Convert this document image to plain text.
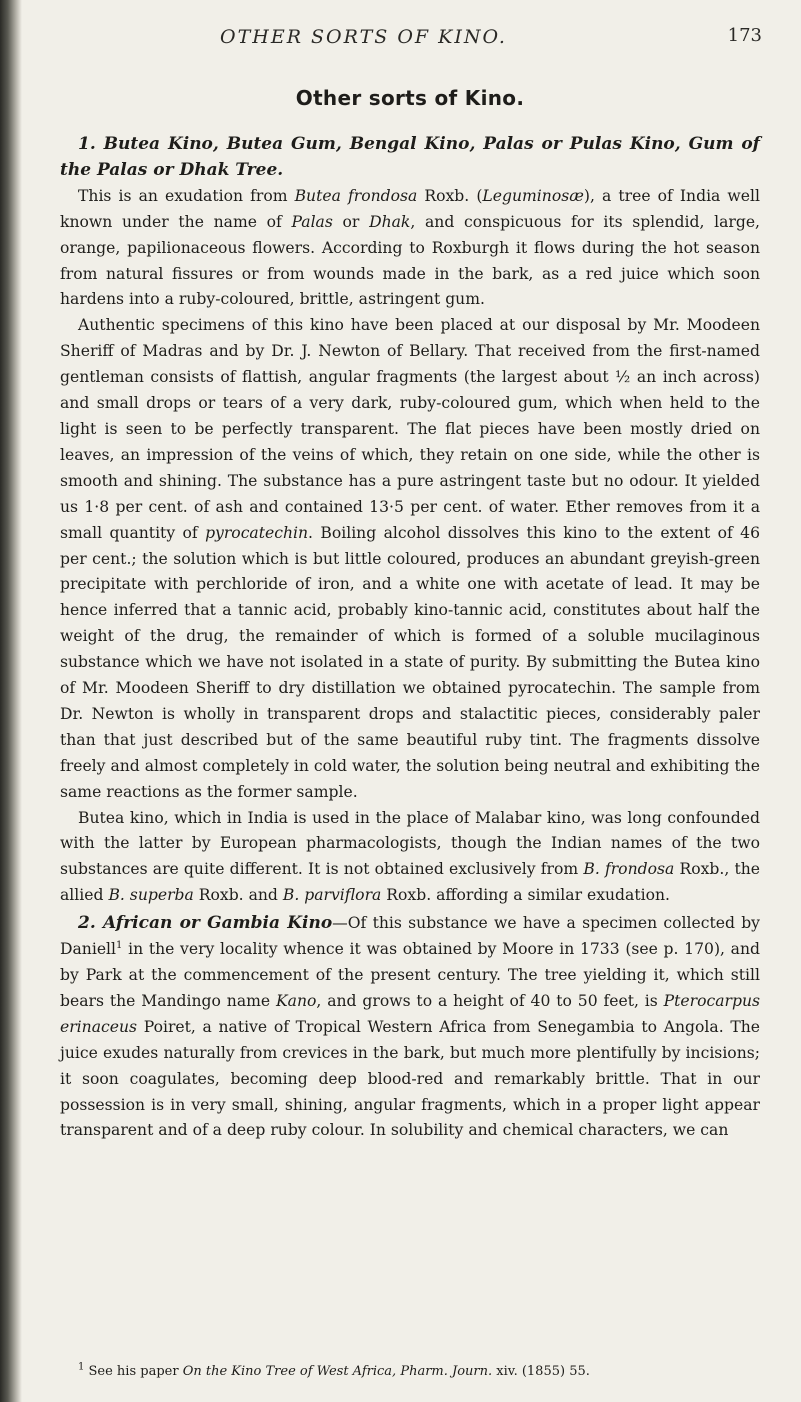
OTHER SORTS OF KINO.	173
Other sorts of Kino.

1. Butea Kino, Butea Gum, Bengal Kino, Palas or Pulas Kino, Gum of the Palas or Dhak Tree.

This is an exudation from Butea frondosa Roxb. (Leguminosæ), a tree of India well known under the name of Palas or Dhak, and conspicuous for its splendid, large, orange, papilionaceous flowers. According to Roxburgh it flows during the hot season from natural fissures or from wounds made in the bark, as a red juice which soon hardens into a ruby-coloured, brittle, astringent gum.

Authentic specimens of this kino have been placed at our disposal by Mr. Moodeen Sheriff of Madras and by Dr. J. Newton of Bellary. That received from the first-named gentleman consists of flattish, angular fragments (the largest about ½ an inch across) and small drops or tears of a very dark, ruby-coloured gum, which when held to the light is seen to be perfectly transparent. The flat pieces have been mostly dried on leaves, an impression of the veins of which, they retain on one side, while the other is smooth and shining. The substance has a pure astringent taste but no odour. It yielded us 1·8 per cent. of ash and contained 13·5 per cent. of water. Ether removes from it a small quantity of pyrocatechin. Boiling alcohol dissolves this kino to the extent of 46 per cent.; the solution which is but little coloured, produces an abundant greyish-green precipitate with perchloride of iron, and a white one with acetate of lead. It may be hence inferred that a tannic acid, probably kino-tannic acid, constitutes about half the weight of the drug, the remainder of which is formed of a soluble mucilaginous substance which we have not isolated in a state of purity. By submitting the Butea kino of Mr. Moodeen Sheriff to dry distillation we obtained pyrocatechin. The sample from Dr. Newton is wholly in transparent drops and stalactitic pieces, considerably paler than that just described but of the same beautiful ruby tint. The fragments dissolve freely and almost completely in cold water, the solution being neutral and exhibiting the same reactions as the former sample.

Butea kino, which in India is used in the place of Malabar kino, was long confounded with the latter by European pharmacologists, though the Indian names of the two substances are quite different. It is not obtained exclusively from B. frondosa Roxb., the allied B. superba Roxb. and B. parviflora Roxb. affording a similar exudation.

2. African or Gambia Kino—Of this substance we have a specimen collected by Daniell$^1$ in the very locality whence it was obtained by Moore in 1733 (see p. 170), and by Park at the commencement of the present century. The tree yielding it, which still bears the Mandingo name Kano, and grows to a height of 40 to 50 feet, is Pterocarpus erinaceus Poiret, a native of Tropical Western Africa from Senegambia to Angola. The juice exudes naturally from crevices in the bark, but much more plentifully by incisions; it soon coagulates, becoming deep blood-red and remarkably brittle. That in our possession is in very small, shining, angular fragments, which in a proper light appear transparent and of a deep ruby colour. In solubility and chemical characters, we can

$^1$ See his paper On the Kino Tree of West Africa, Pharm. Journ. xiv. (1855) 55.
